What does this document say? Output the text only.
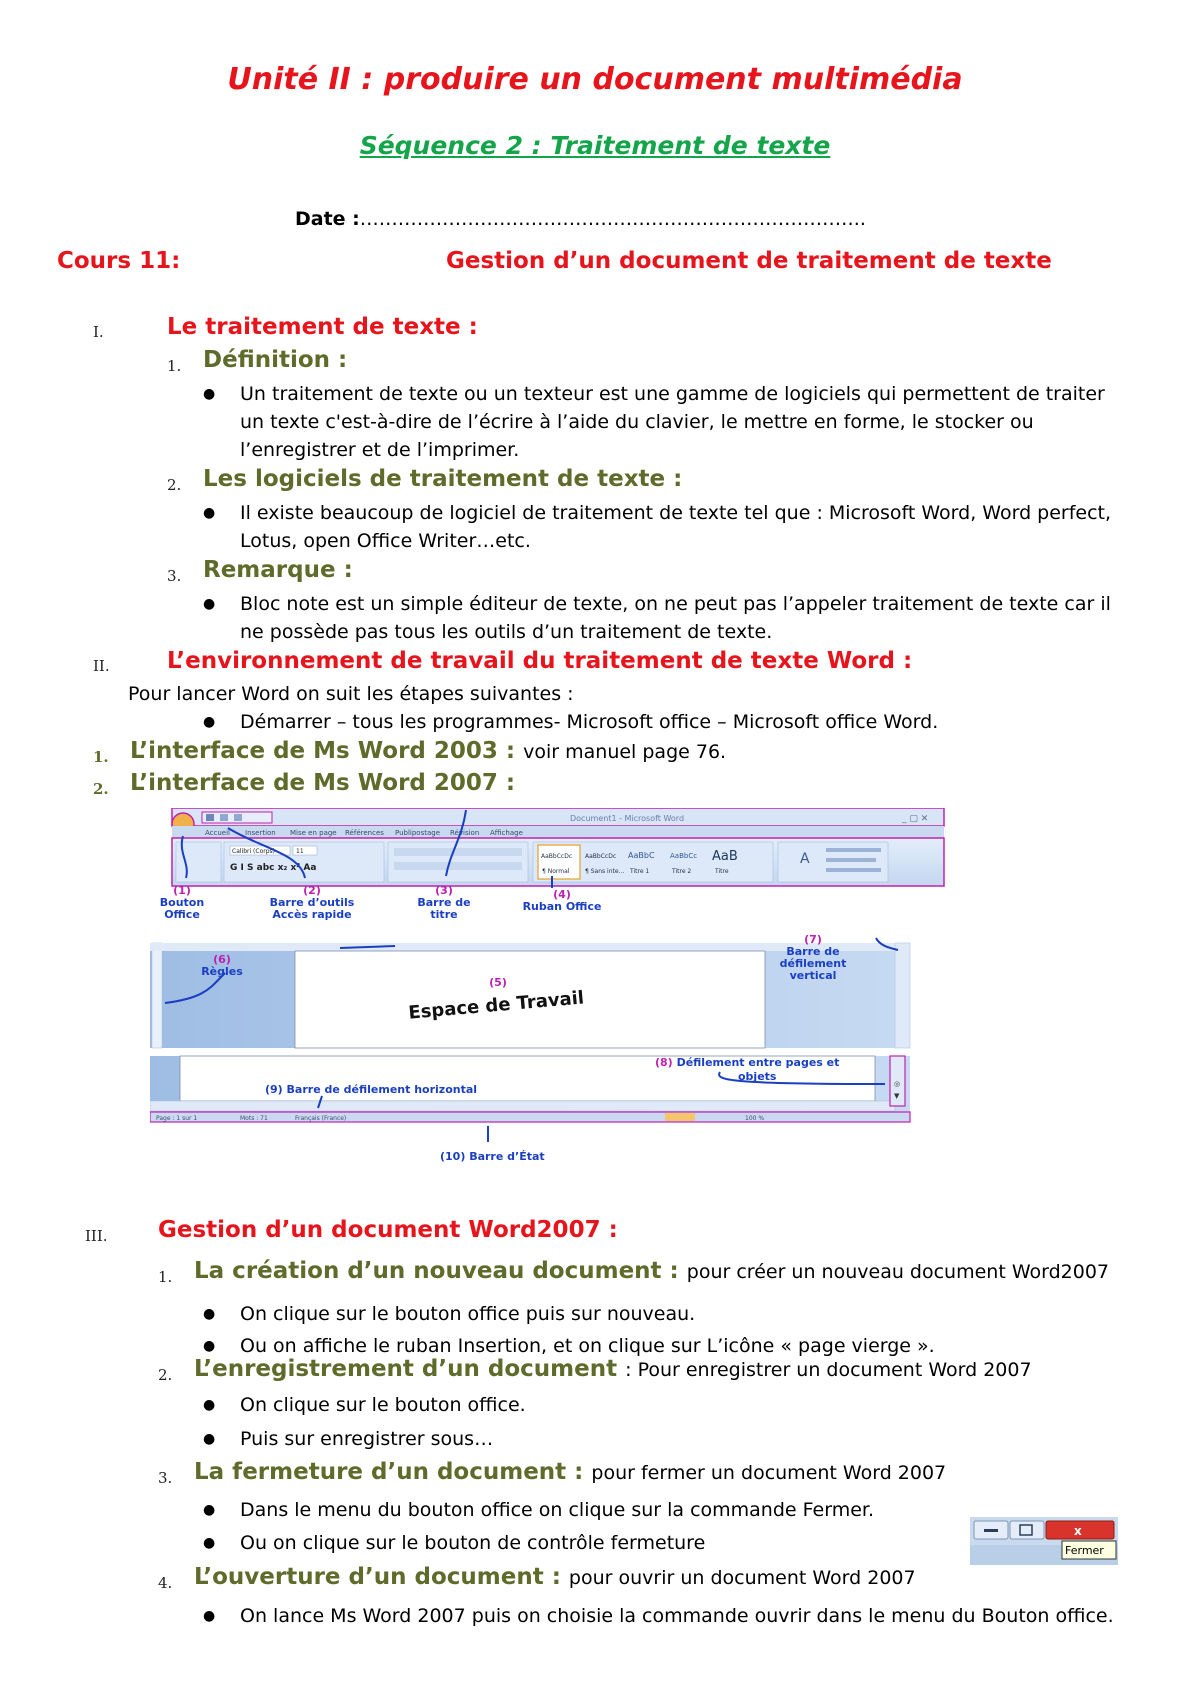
Unité II : produire un document multimédia
Séquence 2 : Traitement de texte
Date :……………………………………………………………………..
Cours 11:	Gestion d’un document de traitement de texte
I.	Le traitement de texte :
1. Définition :
● Un traitement de texte ou un texteur est une gamme de logiciels qui permettent de traiter
un texte c'est-à-dire de l’écrire à l’aide du clavier, le mettre en forme, le stocker ou
l’enregistrer et de l’imprimer.
2. Les logiciels de traitement de texte :
● Il existe beaucoup de logiciel de traitement de texte tel que : Microsoft Word, Word perfect,
Lotus, open Office Writer…etc.
3. Remarque :
● Bloc note est un simple éditeur de texte, on ne peut pas l’appeler traitement de texte car il
ne possède pas tous les outils d’un traitement de texte.
II. L’environnement de travail du traitement de texte Word :
Pour lancer Word on suit les étapes suivantes :
● Démarrer – tous les programmes- Microsoft office – Microsoft office Word.
1. L’interface de Ms Word 2003 : voir manuel page 76.
2. L’interface de Ms Word 2007 :
Document1 - Microsoft Word	_ ▢ ✕
Accueil Insertion Mise en page Références Publipostage Révision Affichage
Calibri (Corps)	11
G I S abc x₂ x² Aa
AaBbCcDc AaBbCcDc AaBbC AaBbCc AaB
¶ Normal	¶ Sans inte... Titre 1	Titre 2	Titre
A
(1)
Bouton
Office
(2)
Barre d’outils
Accès rapide
(3)
Barre de
titre
(4)
Ruban Office
(6)
Règles
(5)
(7)
Barre de
défilement
vertical
Espace de Travail
◎
▼
Page : 1 sur 1	Mots : 71	Français (France)	100 %
(8) Défilement entre pages et
objets
(9) Barre de défilement horizontal
(10) Barre d’État
III. Gestion d’un document Word2007 :
1. La création d’un nouveau document : pour créer un nouveau document Word2007
● On clique sur le bouton office puis sur nouveau.
● Ou on affiche le ruban Insertion, et on clique sur L’icône « page vierge ».
2. L’enregistrement d’un document : Pour enregistrer un document Word 2007
● On clique sur le bouton office.
● Puis sur enregistrer sous…
3. La fermeture d’un document : pour fermer un document Word 2007
● Dans le menu du bouton office on clique sur la commande Fermer.
● Ou on clique sur le bouton de contrôle fermeture
x
Fermer
4. L’ouverture d’un document : pour ouvrir un document Word 2007
● On lance Ms Word 2007 puis on choisie la commande ouvrir dans le menu du Bouton office.
